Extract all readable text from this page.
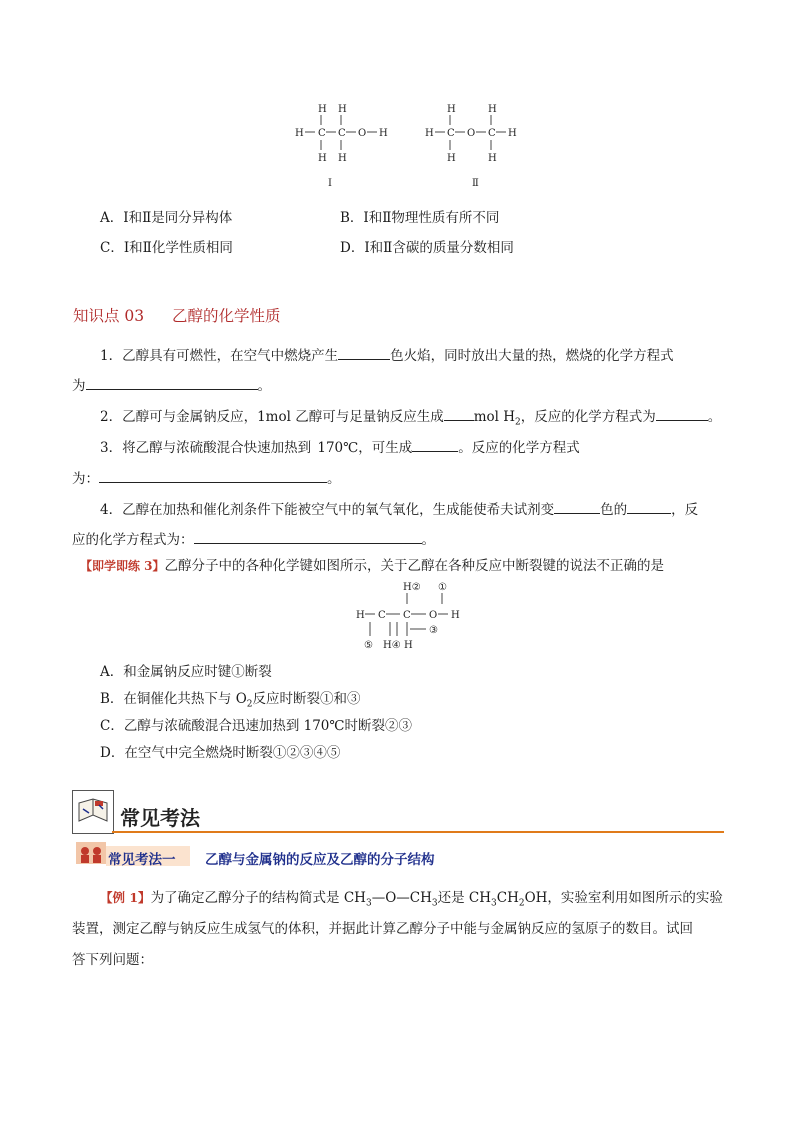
H H
H C C O H
H H
Ⅰ
H	H
H C O C H
H	H
Ⅱ
A．Ⅰ和Ⅱ是同分异构体	B．Ⅰ和Ⅱ物理性质有所不同
C．Ⅰ和Ⅱ化学性质相同	D．Ⅰ和Ⅱ含碳的质量分数相同
知识点 03 乙醇的化学性质
1．乙醇具有可燃性，在空气中燃烧产生	色火焰，同时放出大量的热，燃烧的化学方程式
为	。
2．乙醇可与金属钠反应，1mol 乙醇可与足量钠反应生成 mol $H_2$，反应的化学方程式为	。
3．将乙醇与浓硫酸混合快速加热到 170℃，可生成	。反应的化学方程式
为：	。
4．乙醇在加热和催化剂条件下能被空气中的氧气氧化，生成能使希夫试剂变	色的	，反
应的化学方程式为：	。
【即学即练 3】乙醇分子中的各种化学键如图所示，关于乙醇在各种反应中断裂键的说法不正确的是
H② ①
H C C O H
③
⑤ H④ H
A．和金属钠反应时键①断裂
B．在铜催化共热下与 $O_2$反应时断裂①和③
C．乙醇与浓硫酸混合迅速加热到 170℃时断裂②③
D．在空气中完全燃烧时断裂①②③④⑤
常见考法
常见考法一 乙醇与金属钠的反应及乙醇的分子结构
【例 1】为了确定乙醇分子的结构简式是 $CH_3—O—CH_3$还是 $CH_3CH_2OH$，实验室利用如图所示的实验
装置，测定乙醇与钠反应生成氢气的体积，并据此计算乙醇分子中能与金属钠反应的氢原子的数目。试回
答下列问题：
